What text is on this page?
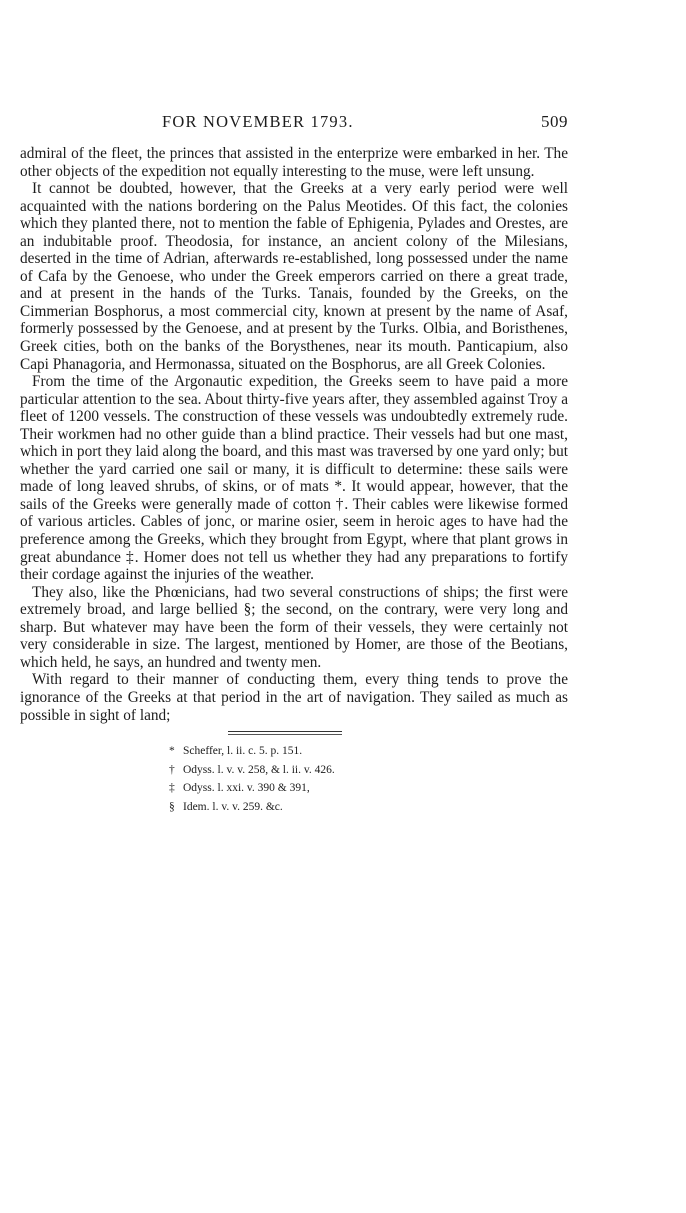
FOR NOVEMBER 1793.	509

admiral of the fleet, the princes that assisted in the enterprize were embarked in her. The other objects of the expedition not equally interesting to the muse, were left unsung.

It cannot be doubted, however, that the Greeks at a very early period were well acquainted with the nations bordering on the Palus Meotides. Of this fact, the colonies which they planted there, not to mention the fable of Ephigenia, Pylades and Orestes, are an indubitable proof. Theodosia, for instance, an ancient colony of the Milesians, deserted in the time of Adrian, afterwards re-established, long possessed under the name of Cafa by the Genoese, who under the Greek emperors carried on there a great trade, and at present in the hands of the Turks. Tanais, founded by the Greeks, on the Cimmerian Bosphorus, a most commercial city, known at present by the name of Asaf, formerly possessed by the Genoese, and at present by the Turks. Olbia, and Boristhenes, Greek cities, both on the banks of the Borysthenes, near its mouth. Panticapium, also Capi Phanagoria, and Hermonassa, situated on the Bosphorus, are all Greek Colonies.

From the time of the Argonautic expedition, the Greeks seem to have paid a more particular attention to the sea. About thirty-five years after, they assembled against Troy a fleet of 1200 vessels. The construction of these vessels was undoubtedly extremely rude. Their workmen had no other guide than a blind practice. Their vessels had but one mast, which in port they laid along the board, and this mast was traversed by one yard only; but whether the yard carried one sail or many, it is difficult to determine: these sails were made of long leaved shrubs, of skins, or of mats *. It would appear, however, that the sails of the Greeks were generally made of cotton †. Their cables were likewise formed of various articles. Cables of jonc, or marine osier, seem in heroic ages to have had the preference among the Greeks, which they brought from Egypt, where that plant grows in great abundance ‡. Homer does not tell us whether they had any preparations to fortify their cordage against the injuries of the weather.

They also, like the Phœnicians, had two several constructions of ships; the first were extremely broad, and large bellied §; the second, on the contrary, were very long and sharp. But whatever may have been the form of their vessels, they were certainly not very considerable in size. The largest, mentioned by Homer, are those of the Beotians, which held, he says, an hundred and twenty men.

With regard to their manner of conducting them, every thing tends to prove the ignorance of the Greeks at that period in the art of navigation. They sailed as much as possible in sight of land;

* Scheffer, l. ii. c. 5. p. 151.
† Odyss. l. v. v. 258, & l. ii. v. 426.
‡ Odyss. l. xxi. v. 390 & 391,
§ Idem. l. v. v. 259. &c.
